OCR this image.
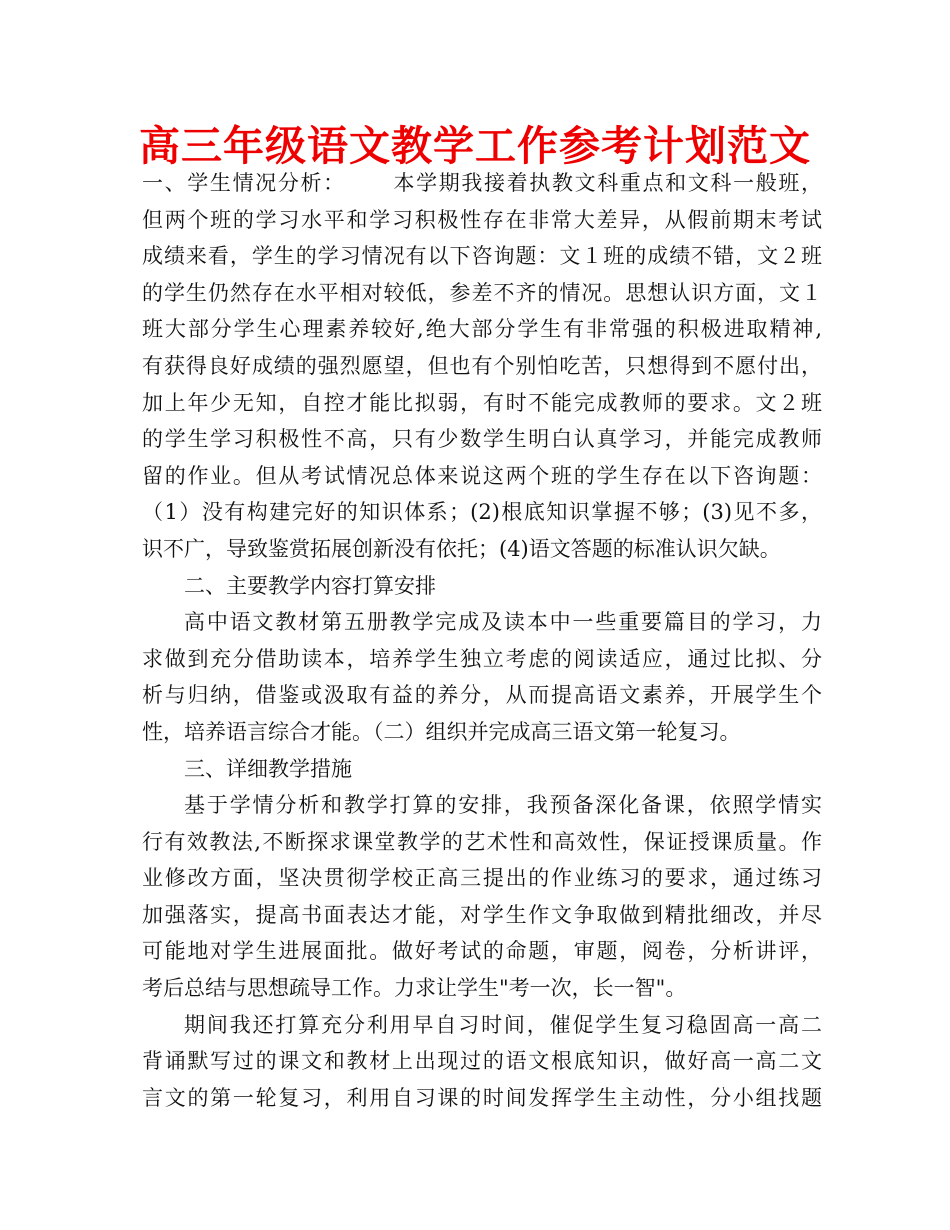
高三年级语文教学工作参考计划范文
一、学生情况分析： 本学期我接着执教文科重点和文科一般班，
但两个班的学习水平和学习积极性存在非常大差异，从假前期末考试
成绩来看，学生的学习情况有以下咨询题：文１班的成绩不错，文２班
的学生仍然存在水平相对较低，参差不齐的情况。思想认识方面，文１
班大部分学生心理素养较好,绝大部分学生有非常强的积极进取精神,
有获得良好成绩的强烈愿望，但也有个别怕吃苦，只想得到不愿付出，
加上年少无知，自控才能比拟弱，有时不能完成教师的要求。文２班
的学生学习积极性不高，只有少数学生明白认真学习，并能完成教师
留的作业。但从考试情况总体来说这两个班的学生存在以下咨询题：
（1）没有构建完好的知识体系；(2)根底知识掌握不够；(3)见不多，
识不广，导致鉴赏拓展创新没有依托；(4)语文答题的标准认识欠缺。
二、主要教学内容打算安排
高中语文教材第五册教学完成及读本中一些重要篇目的学习，力
求做到充分借助读本，培养学生独立考虑的阅读适应，通过比拟、分
析与归纳，借鉴或汲取有益的养分，从而提高语文素养，开展学生个
性，培养语言综合才能。（二）组织并完成高三语文第一轮复习。
三、详细教学措施
基于学情分析和教学打算的安排，我预备深化备课，依照学情实
行有效教法,不断探求课堂教学的艺术性和高效性，保证授课质量。作
业修改方面，坚决贯彻学校正高三提出的作业练习的要求，通过练习
加强落实，提高书面表达才能，对学生作文争取做到精批细改，并尽
可能地对学生进展面批。做好考试的命题，审题，阅卷，分析讲评，
考后总结与思想疏导工作。力求让学生"考一次，长一智"。
期间我还打算充分利用早自习时间，催促学生复习稳固高一高二
背诵默写过的课文和教材上出现过的语文根底知识，做好高一高二文
言文的第一轮复习，利用自习课的时间发挥学生主动性，分小组找题
